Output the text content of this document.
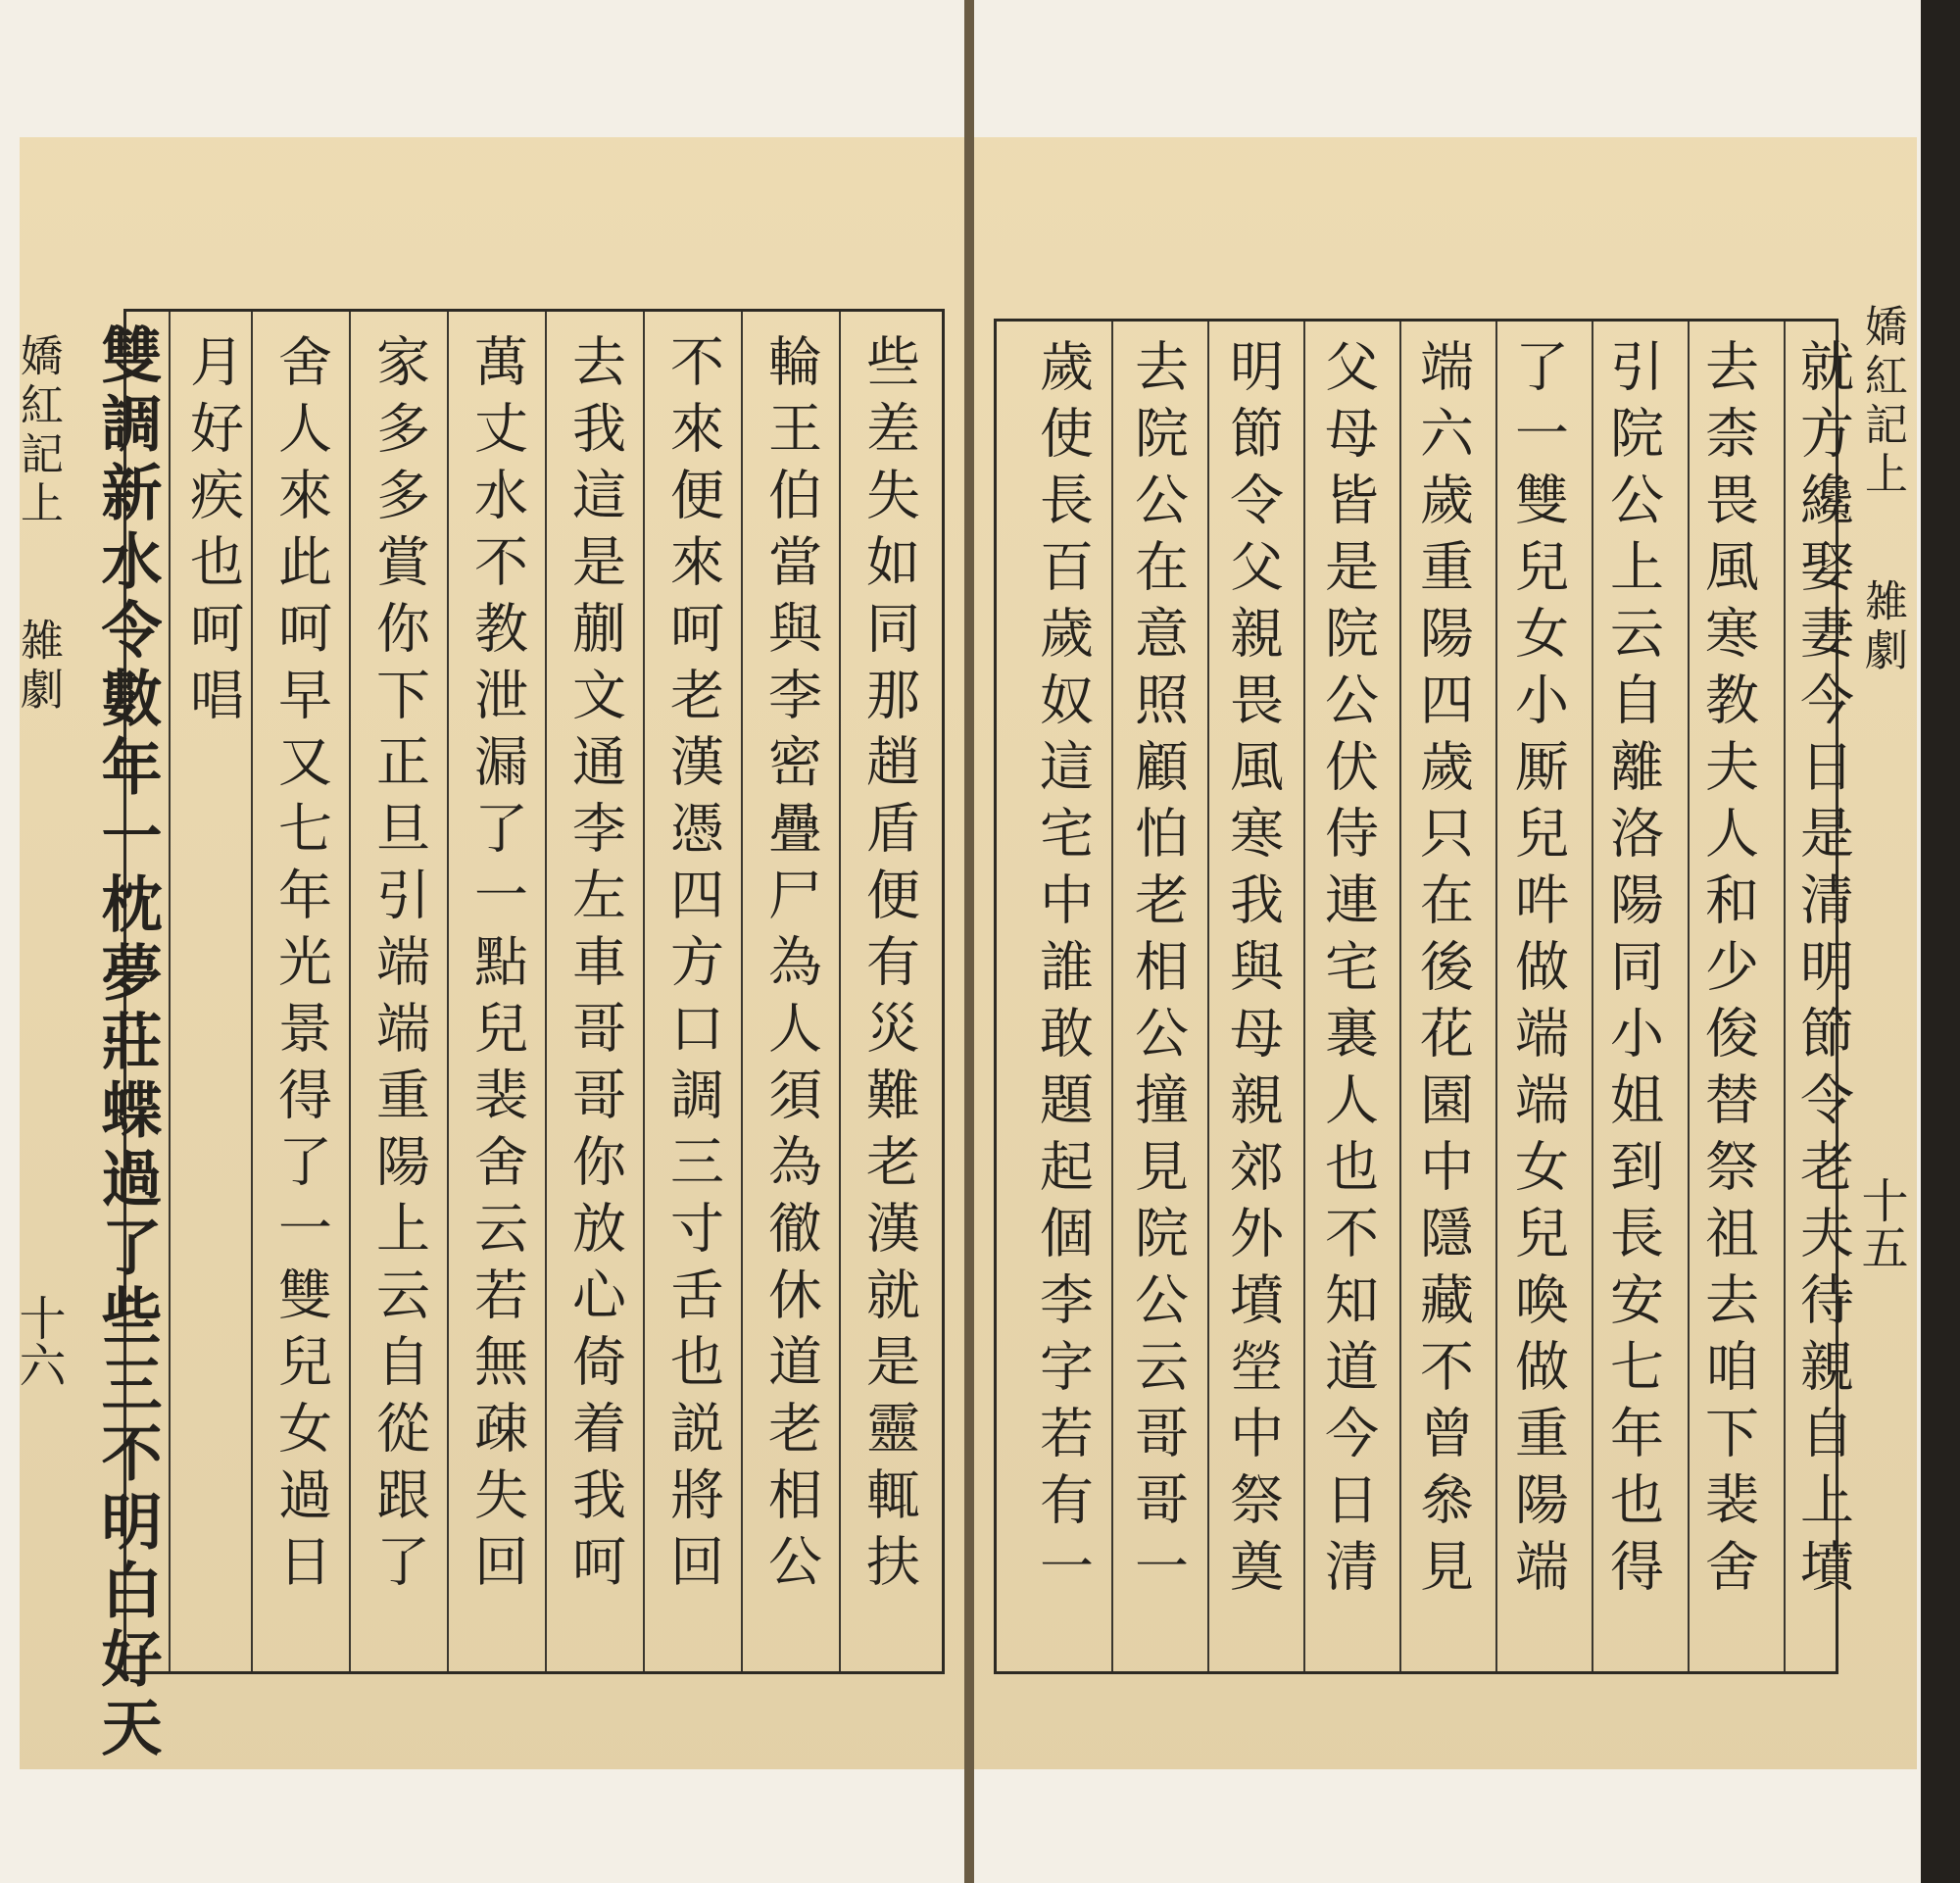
嬌紅記上
雑劇
十六 雙調新水令數年一枕夢莊蝶過了些三不明白好天	些差失如同那趙盾便有災難老漢就是靈輒扶
輪王伯當與李密疊尸為人須為徹休道老相公
不來便來呵老漢憑四方口調三寸舌也説將回
去我這是蒯文通李左車哥哥你放心倚着我呵
萬丈水不教泄漏了一點兒裴舍云若無疎失回
家多多賞你下正旦引端端重陽上云自從跟了
舍人來此呵早又七年光景得了一雙兒女過日
月好疾也呵唱	就方纔娶妻今日是清明節令老夫待親自上墳
去柰畏風寒教夫人和少俊替祭祖去咱下裴舍
引院公上云自離洛陽同小姐到長安七年也得
了一雙兒女小厮兒吽做端端女兒喚做重陽端
端六歲重陽四歲只在後花園中隱藏不曾叅見
父母皆是院公伏侍連宅裏人也不知道今日清
明節令父親畏風寒我與母親郊外墳塋中祭奠
去院公在意照顧怕老相公撞見院公云哥哥一
歲使長百歲奴這宅中誰敢題起個李字若有一	嬌紅記上
雑劇
十五
